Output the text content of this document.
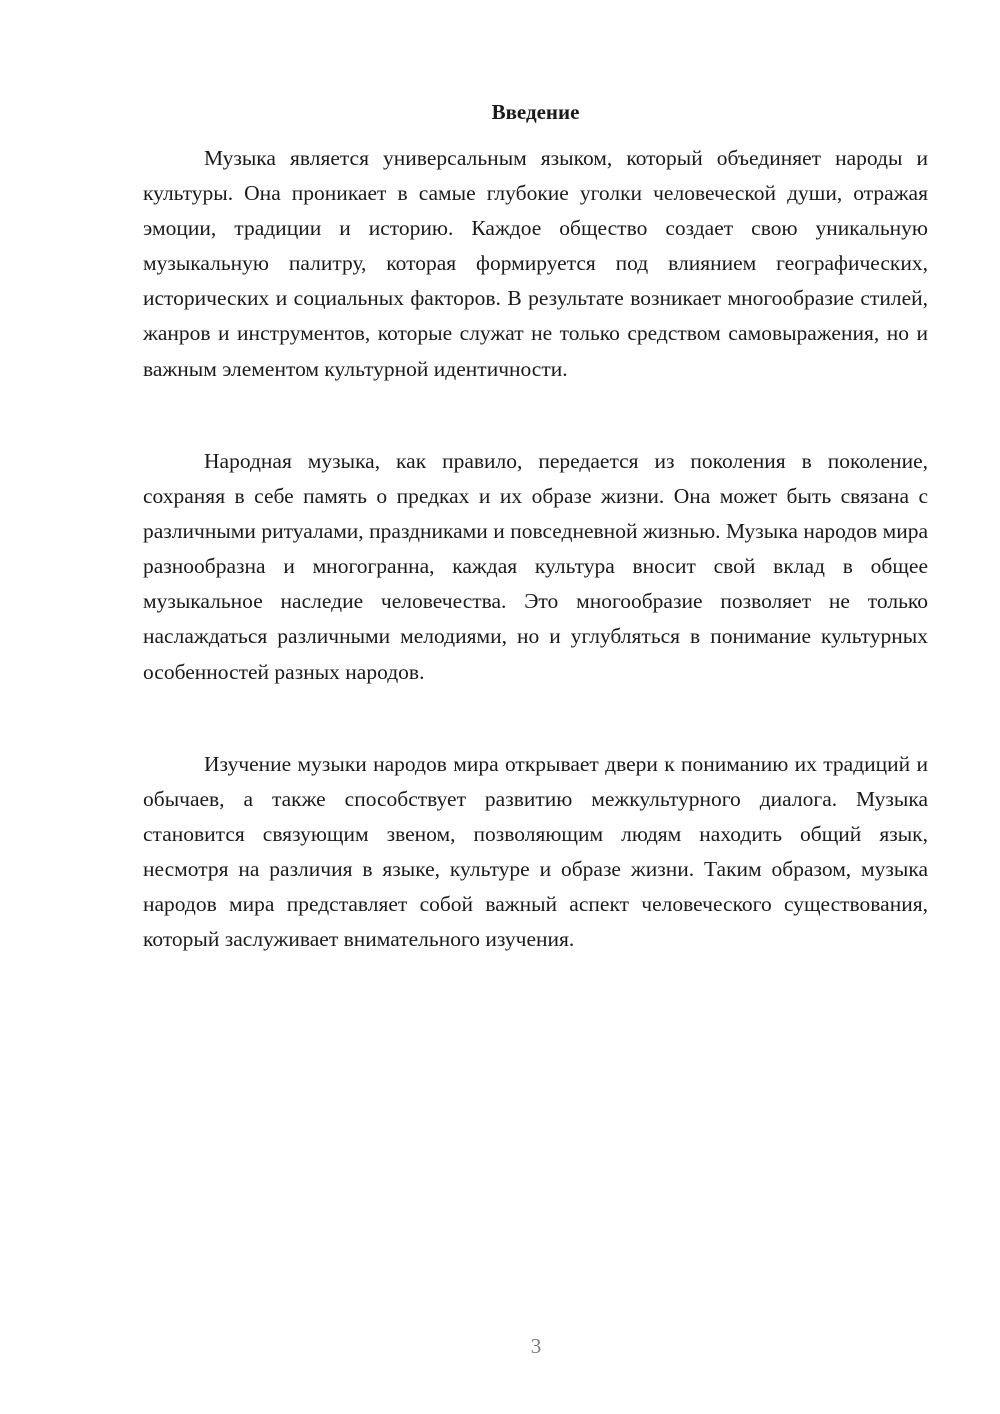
Введение

Музыка является универсальным языком, который объединяет народы и культуры. Она проникает в самые глубокие уголки человеческой души, отражая эмоции, традиции и историю. Каждое общество создает свою уникальную музыкальную палитру, которая формируется под влиянием географических, исторических и социальных факторов. В результате возникает многообразие стилей, жанров и инструментов, которые служат не только средством самовыражения, но и важным элементом культурной идентичности.

Народная музыка, как правило, передается из поколения в поколение, сохраняя в себе память о предках и их образе жизни. Она может быть связана с различными ритуалами, праздниками и повседневной жизнью. Музыка народов мира разнообразна и многогранна, каждая культура вносит свой вклад в общее музыкальное наследие человечества. Это многообразие позволяет не только наслаждаться различными мелодиями, но и углубляться в понимание культурных особенностей разных народов.

Изучение музыки народов мира открывает двери к пониманию их традиций и обычаев, а также способствует развитию межкультурного диалога. Музыка становится связующим звеном, позволяющим людям находить общий язык, несмотря на различия в языке, культуре и образе жизни. Таким образом, музыка народов мира представляет собой важный аспект человеческого существования, который заслуживает внимательного изучения.

3
